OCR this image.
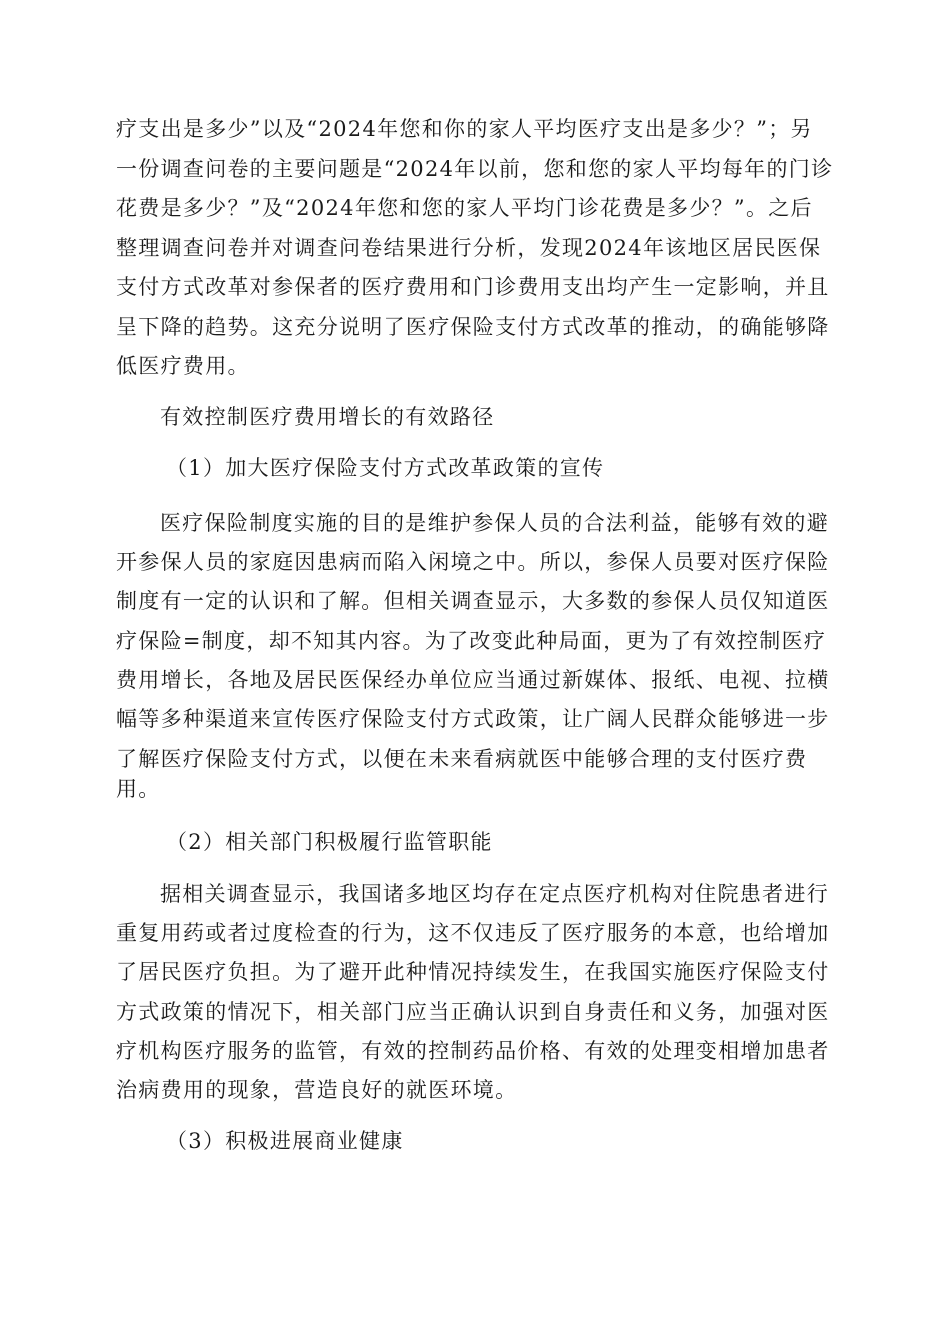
疗支出是多少”以及“2024年您和你的家人平均医疗支出是多少？”；另
一份调查问卷的主要问题是“2024年以前，您和您的家人平均每年的门诊
花费是多少？”及“2024年您和您的家人平均门诊花费是多少？”。之后
整理调查问卷并对调查问卷结果进行分析，发现2024年该地区居民医保
支付方式改革对参保者的医疗费用和门诊费用支出均产生一定影响，并且
呈下降的趋势。这充分说明了医疗保险支付方式改革的推动，的确能够降
低医疗费用。
有效控制医疗费用增长的有效路径
（1）加大医疗保险支付方式改革政策的宣传
医疗保险制度实施的目的是维护参保人员的合法利益，能够有效的避
开参保人员的家庭因患病而陷入闲境之中。所以，参保人员要对医疗保险
制度有一定的认识和了解。但相关调查显示，大多数的参保人员仅知道医
疗保险=制度，却不知其内容。为了改变此种局面，更为了有效控制医疗
费用增长，各地及居民医保经办单位应当通过新媒体、报纸、电视、拉横
幅等多种渠道来宣传医疗保险支付方式政策，让广阔人民群众能够进一步
了解医疗保险支付方式，以便在未来看病就医中能够合理的支付医疗费
用。
（2）相关部门积极履行监管职能
据相关调查显示，我国诸多地区均存在定点医疗机构对住院患者进行
重复用药或者过度检查的行为，这不仅违反了医疗服务的本意，也给增加
了居民医疗负担。为了避开此种情况持续发生，在我国实施医疗保险支付
方式政策的情况下，相关部门应当正确认识到自身责任和义务，加强对医
疗机构医疗服务的监管，有效的控制药品价格、有效的处理变相增加患者
治病费用的现象，营造良好的就医环境。
（3）积极进展商业健康
